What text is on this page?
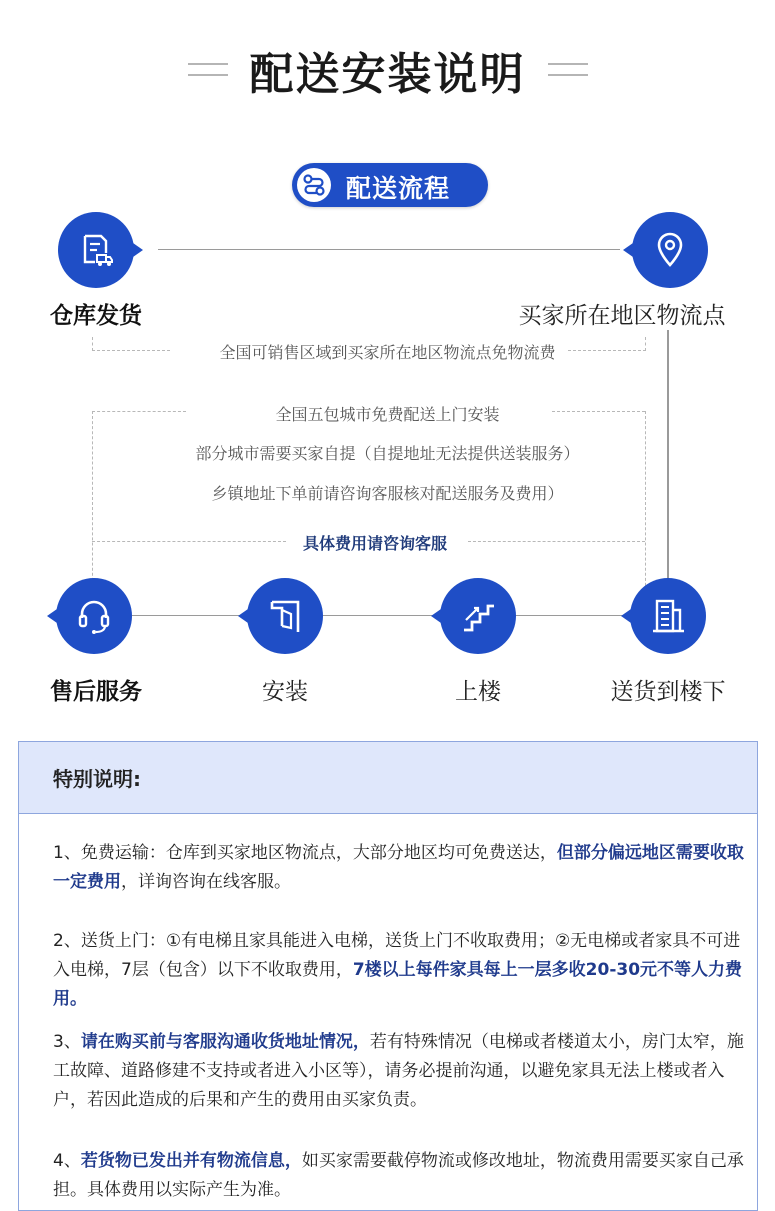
配送安装说明
配送流程
全国可销售区域到买家所在地区物流点免物流费
全国五包城市免费配送上门安装
部分城市需要买家自提（自提地址无法提供送装服务）
乡镇地址下单前请咨询客服核对配送服务及费用）
具体费用请咨询客服
仓库发货	买家所在地区物流点
售后服务	安装	上楼	送货到楼下
特别说明:
1、免费运输：仓库到买家地区物流点，大部分地区均可免费送达，但部分偏远地区需要收取一定费用，详询咨询在线客服。
2、送货上门：①有电梯且家具能进入电梯，送货上门不收取费用；②无电梯或者家具不可进入电梯，7层（包含）以下不收取费用，7楼以上每件家具每上一层多收20-30元不等人力费用。
3、请在购买前与客服沟通收货地址情况，若有特殊情况（电梯或者楼道太小，房门太窄，施工故障、道路修建不支持或者进入小区等），请务必提前沟通，以避免家具无法上楼或者入户，若因此造成的后果和产生的费用由买家负责。
4、若货物已发出并有物流信息，如买家需要截停物流或修改地址，物流费用需要买家自己承担。具体费用以实际产生为准。
